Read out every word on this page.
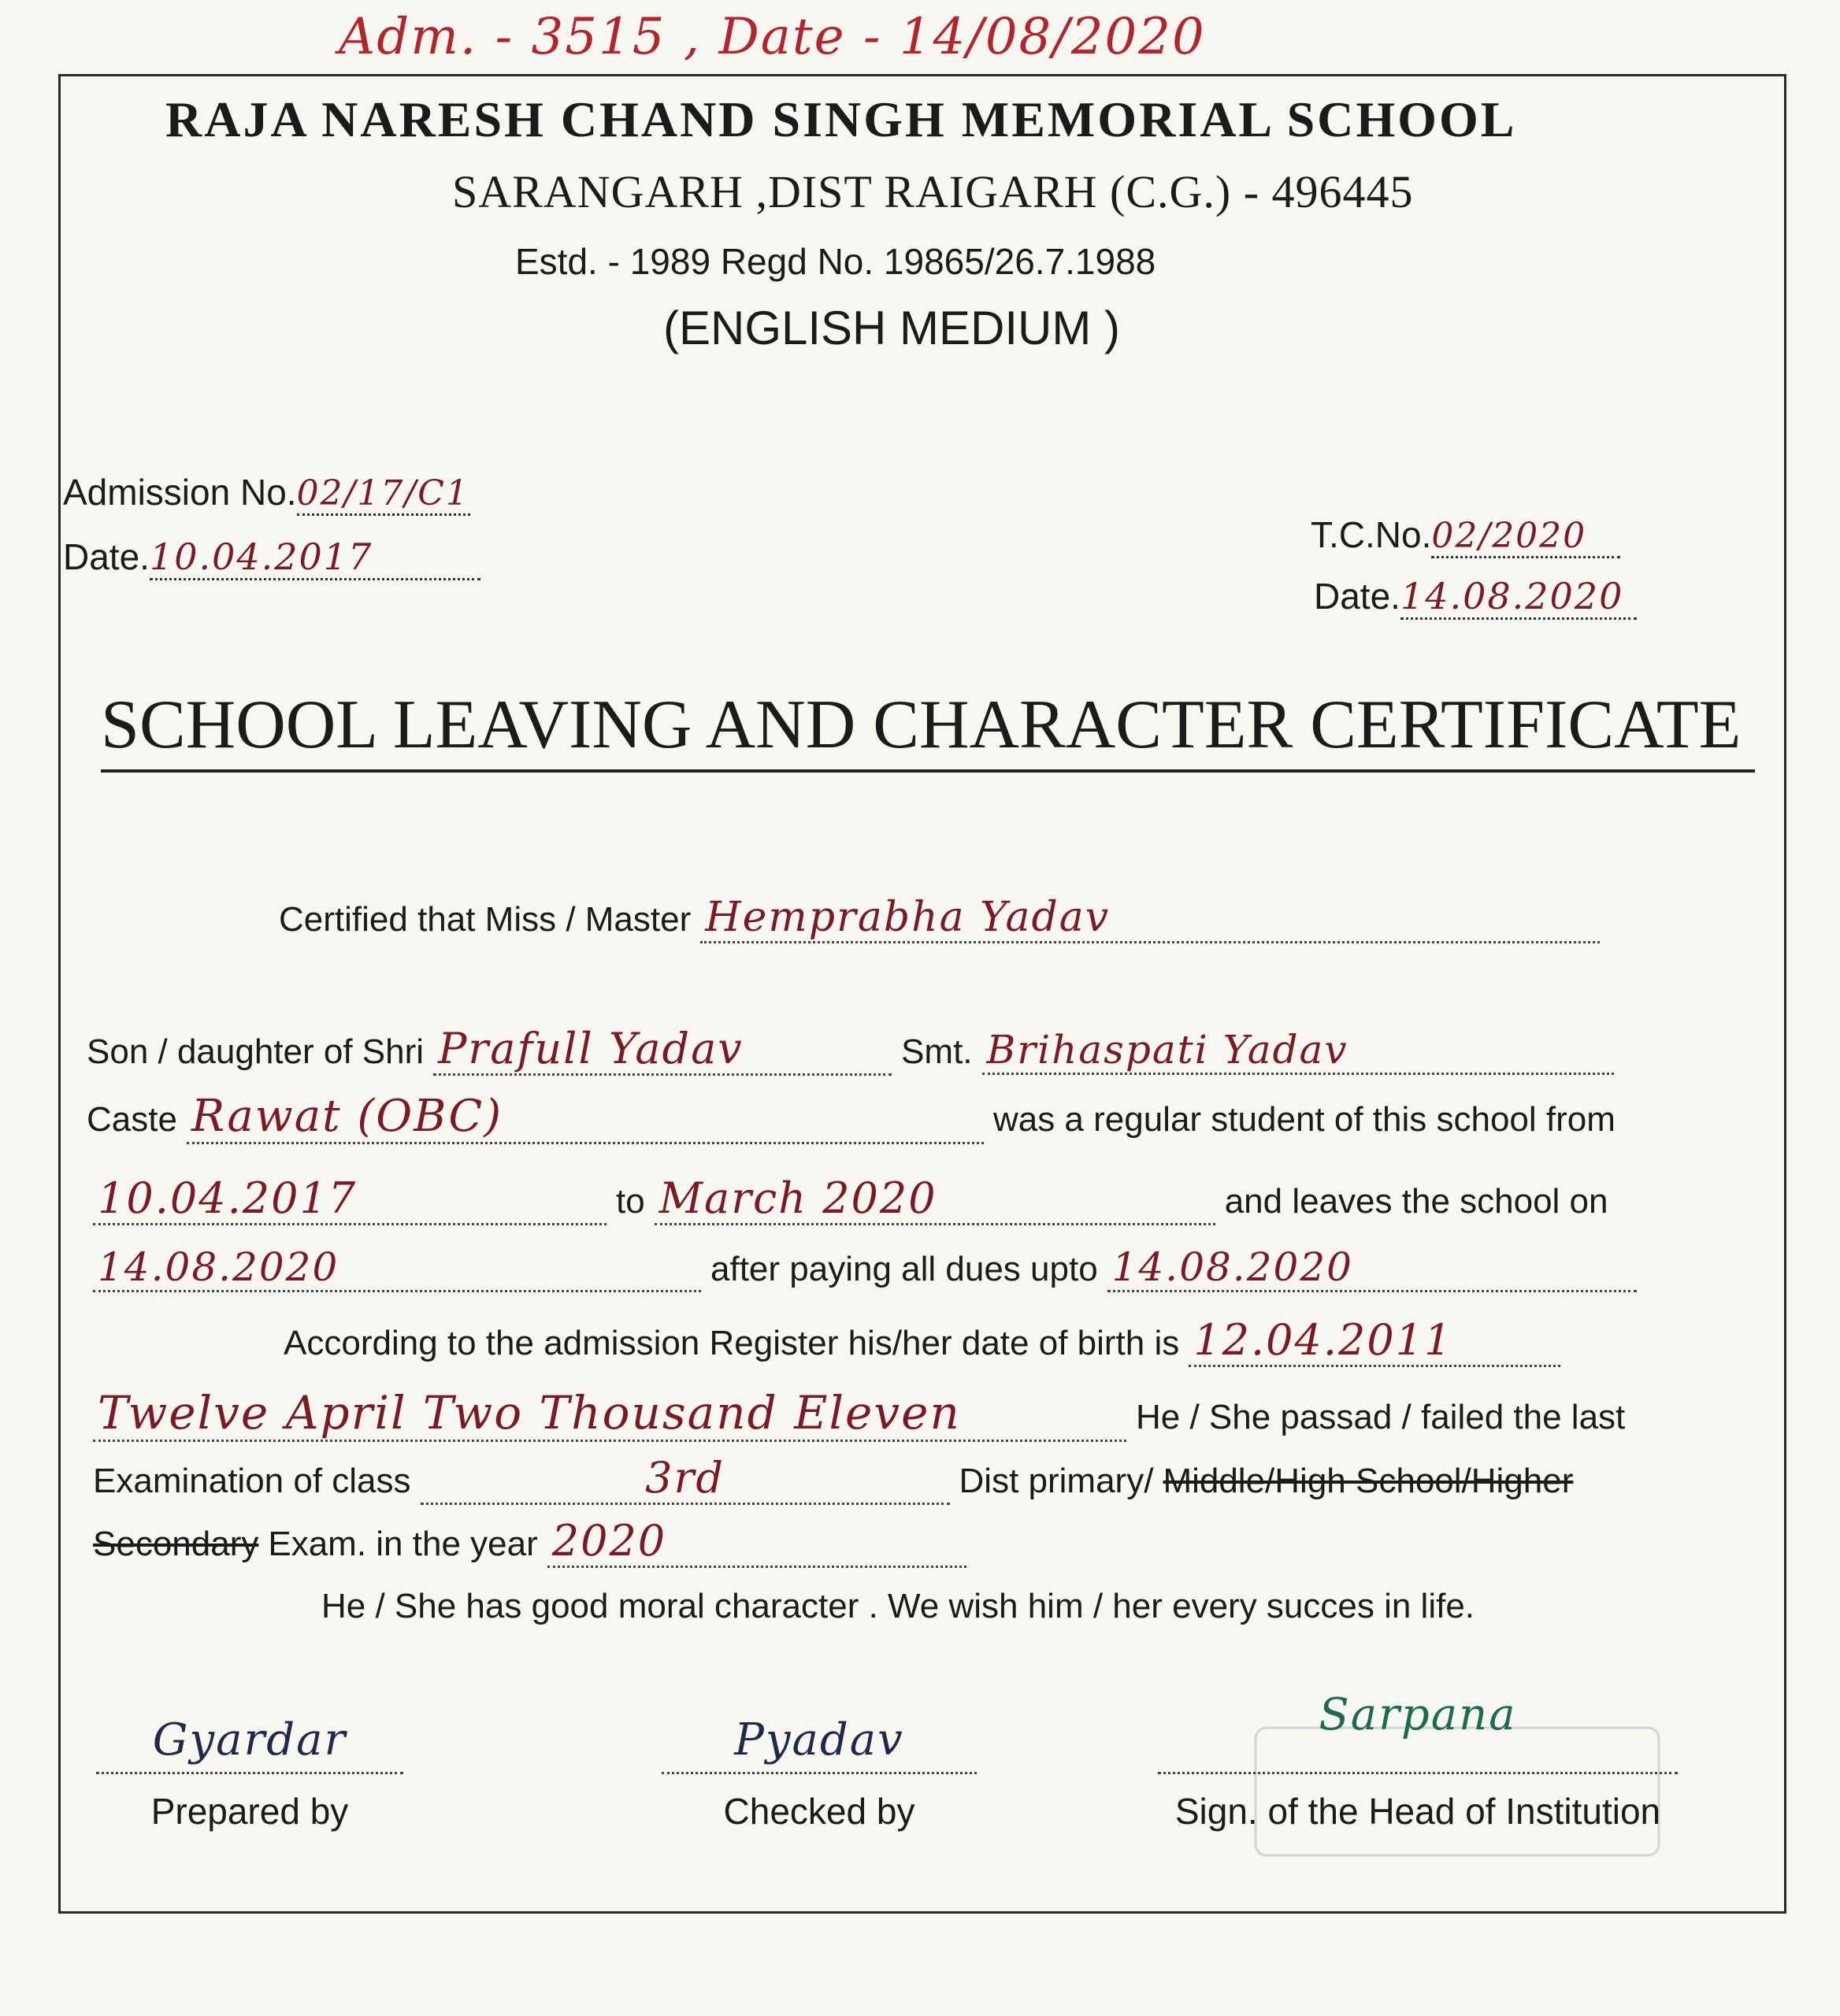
Adm. - 3515 , Date - 14/08/2020
RAJA NARESH CHAND SINGH MEMORIAL SCHOOL
SARANGARH ,DIST RAIGARH (C.G.) - 496445
Estd. - 1989 Regd No. 19865/26.7.1988
(ENGLISH MEDIUM )
Admission No.02/17/C1
Date.10.04.2017
T.C.No.02/2020
Date.14.08.2020
SCHOOL LEAVING AND CHARACTER CERTIFICATE
Certified that Miss / Master Hemprabha Yadav
Son / daughter of Shri Prafull Yadav	Smt. Brihaspati Yadav
Caste Rawat (OBC)	was a regular student of this school from
10.04.2017	to March 2020	and leaves the school on
14.08.2020	after paying all dues upto 14.08.2020
According to the admission Register his/her date of birth is 12.04.2011
Twelve April Two Thousand Eleven	He / She passad / failed the last
Examination of class	3rd	Dist primary/ Middle/High School/Higher
Secondary Exam. in the year 2020
He / She has good moral character . We wish him / her every succes in life.
Gyardar
Prepared by
Pyadav
Checked by
Sarpana
Sign. of the Head of Institution
